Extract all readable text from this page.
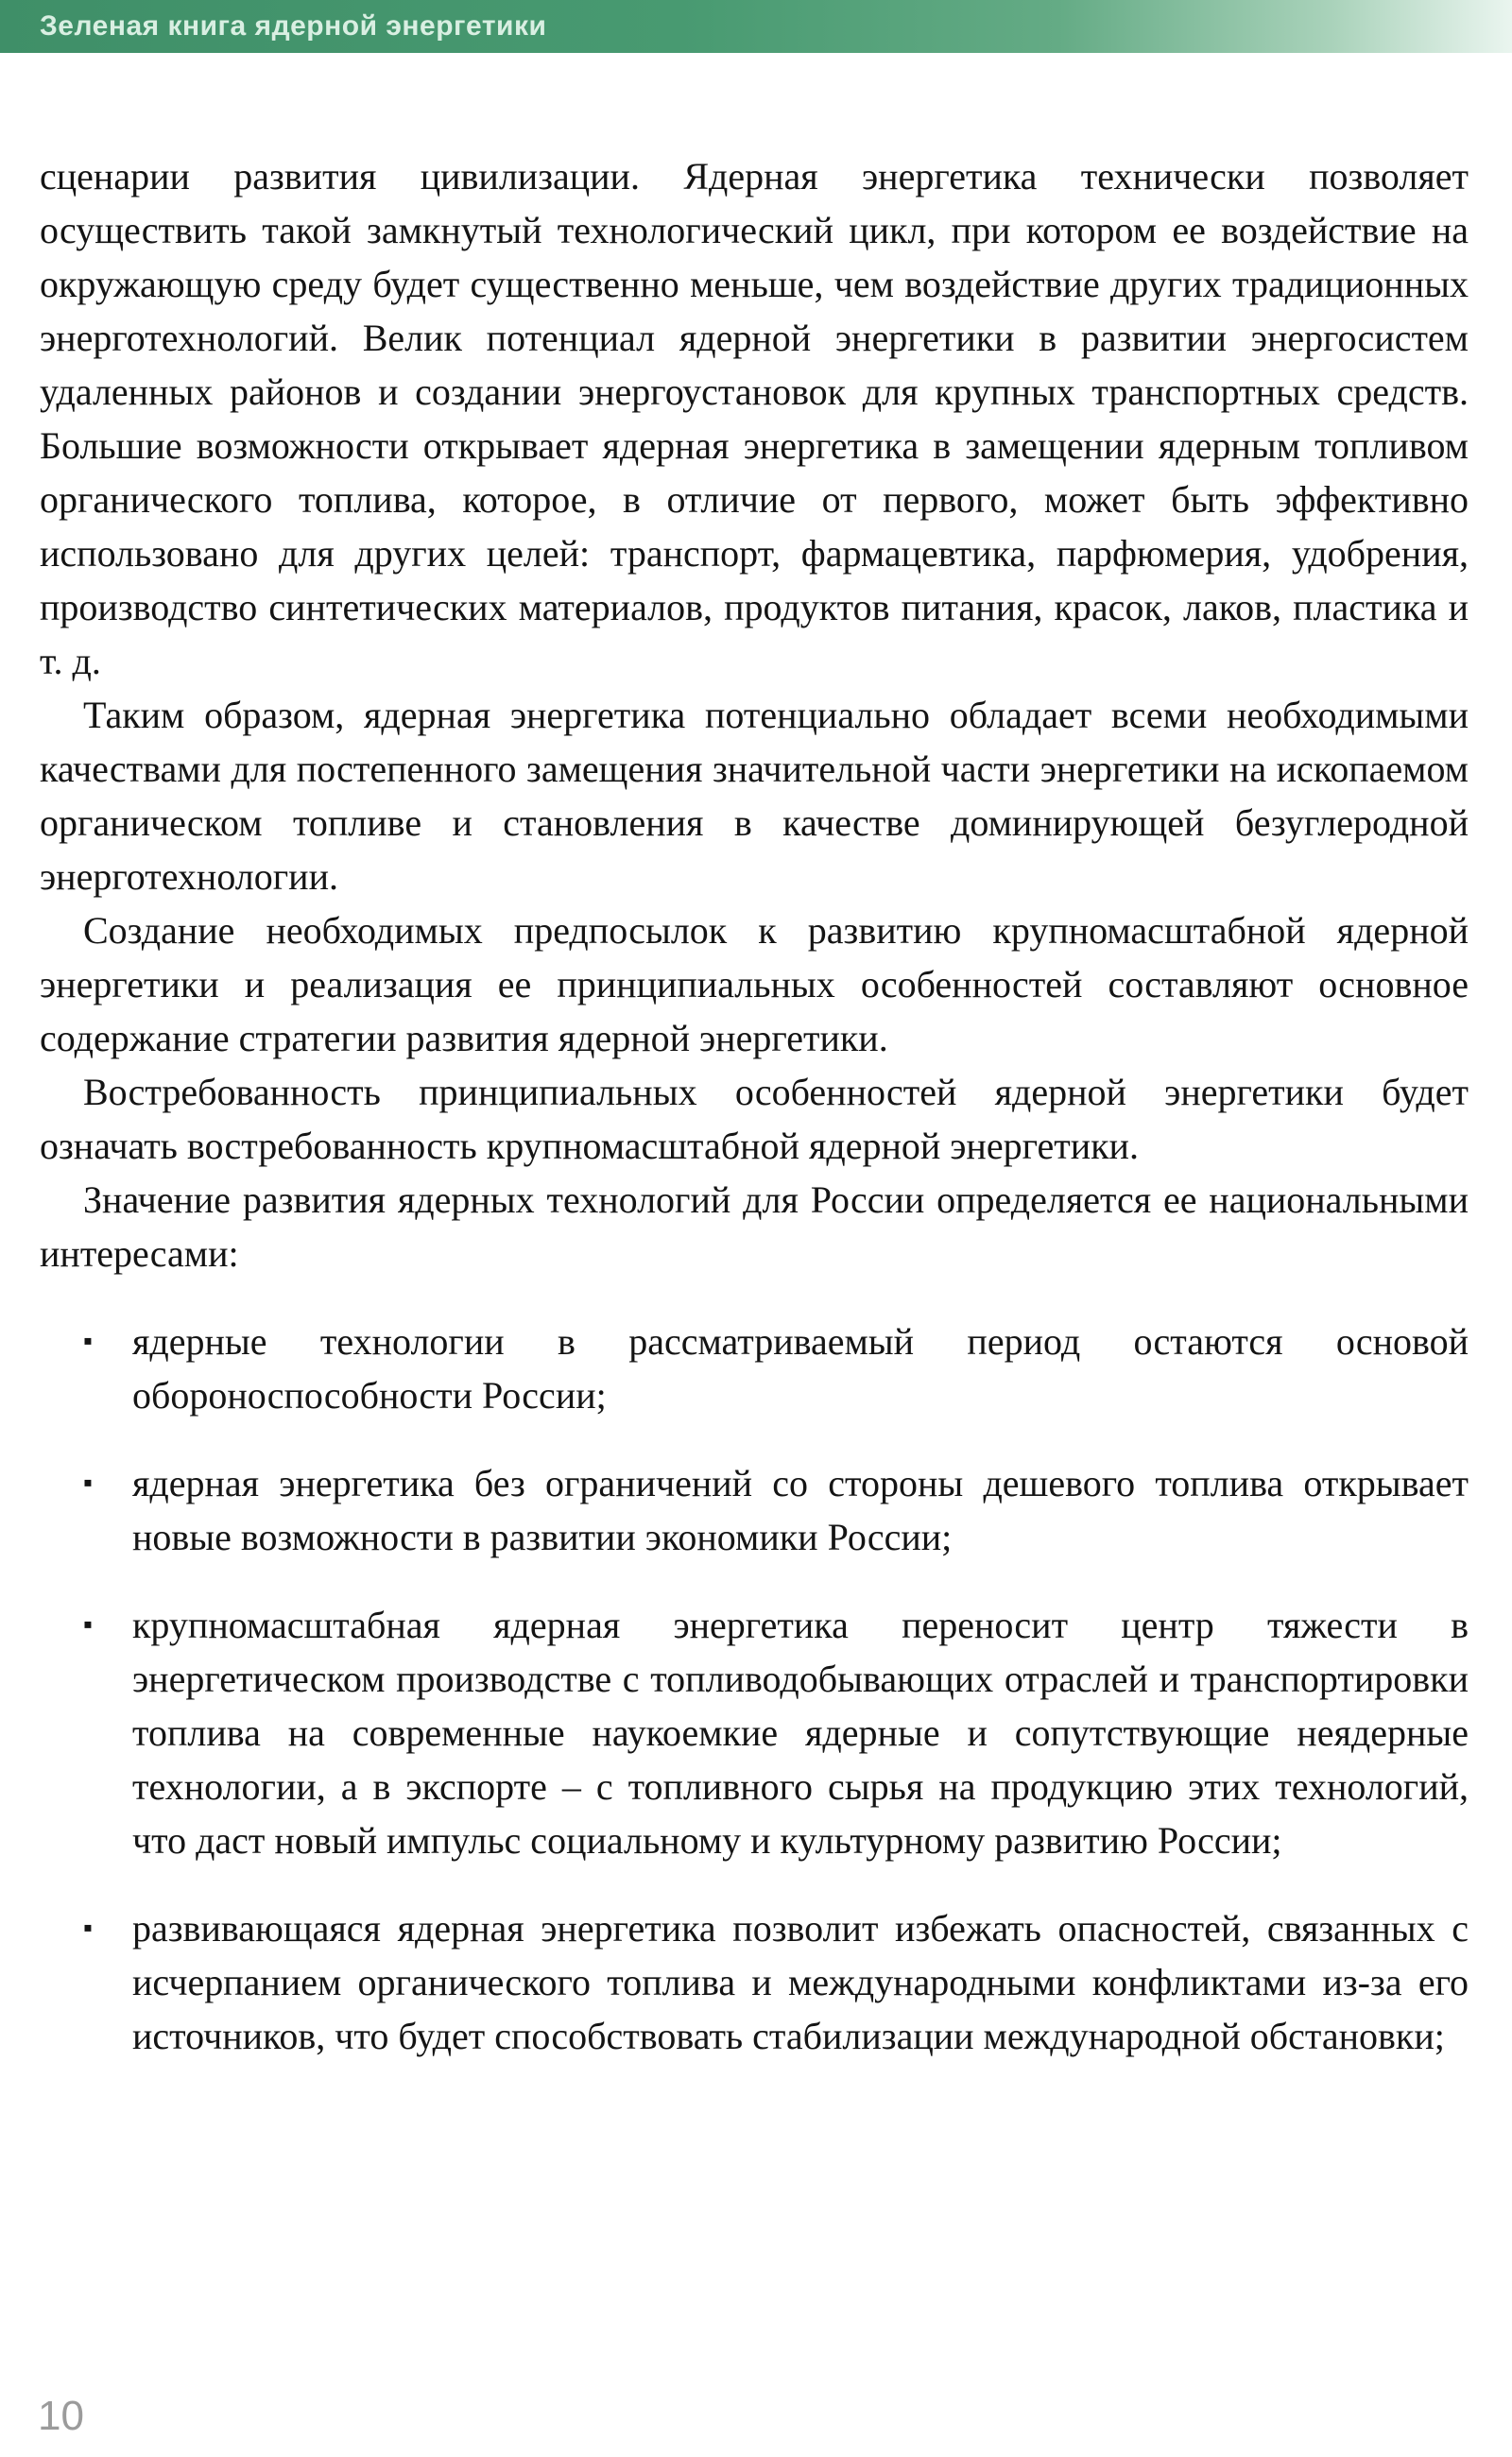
Зеленая книга ядерной энергетики

сценарии развития цивилизации. Ядерная энергетика технически позволяет осуществить такой замкнутый технологический цикл, при котором ее воздействие на окружающую среду будет существенно меньше, чем воздействие других традиционных энерготехнологий. Велик потенциал ядерной энергетики в развитии энергосистем удаленных районов и создании энергоустановок для крупных транспортных средств. Большие возможности открывает ядерная энергетика в замещении ядерным топливом органического топлива, которое, в отличие от первого, может быть эффективно использовано для других целей: транспорт, фармацевтика, парфюмерия, удобрения, производство синтетических материалов, продуктов питания, красок, лаков, пластика и т. д.

Таким образом, ядерная энергетика потенциально обладает всеми необходимыми качествами для постепенного замещения значительной части энергетики на ископаемом органическом топливе и становления в качестве доминирующей безуглеродной энерготехнологии.

Создание необходимых предпосылок к развитию крупномасштабной ядерной энергетики и реализация ее принципиальных особенностей составляют основное содержание стратегии развития ядерной энергетики.

Востребованность принципиальных особенностей ядерной энергетики будет означать востребованность крупномасштабной ядерной энергетики.

Значение развития ядерных технологий для России определяется ее национальными интересами:

▪	ядерные технологии в рассматриваемый период остаются основой обороноспособности России;
▪	ядерная энергетика без ограничений со стороны дешевого топлива открывает новые возможности в развитии экономики России;
▪	крупномасштабная ядерная энергетика переносит центр тяжести в энергетическом производстве с топливодобывающих отраслей и транспортировки топлива на современные наукоемкие ядерные и сопутствующие неядерные технологии, а в экспорте – с топливного сырья на продукцию этих технологий, что даст новый импульс социальному и культурному развитию России;
▪	развивающаяся ядерная энергетика позволит избежать опасностей, связанных с исчерпанием органического топлива и международными конфликтами из-за его источников, что будет способствовать стабилизации международной обстановки;
10
